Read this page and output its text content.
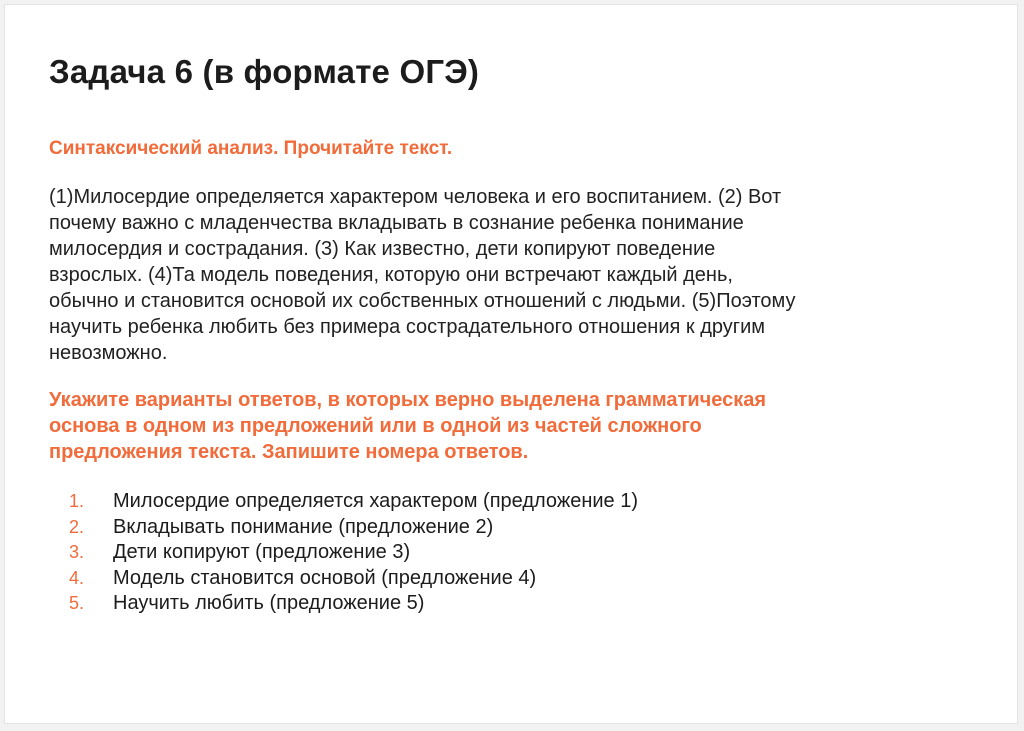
Задача 6 (в формате ОГЭ)
Синтаксический анализ. Прочитайте текст.
(1)Милосердие определяется характером человека и его воспитанием. (2) Вот
почему важно с младенчества вкладывать в сознание ребенка понимание
милосердия и сострадания. (3) Как известно, дети копируют поведение
взрослых. (4)Та модель поведения, которую они встречают каждый день,
обычно и становится основой их собственных отношений с людьми. (5)Поэтому
научить ребенка любить без примера сострадательного отношения к другим
невозможно.
Укажите варианты ответов, в которых верно выделена грамматическая
основа в одном из предложений или в одной из частей сложного
предложения текста. Запишите номера ответов.
1.	Милосердие определяется характером (предложение 1)
2.	Вкладывать понимание (предложение 2)
3.	Дети копируют (предложение 3)
4.	Модель становится основой (предложение 4)
5.	Научить любить (предложение 5)
